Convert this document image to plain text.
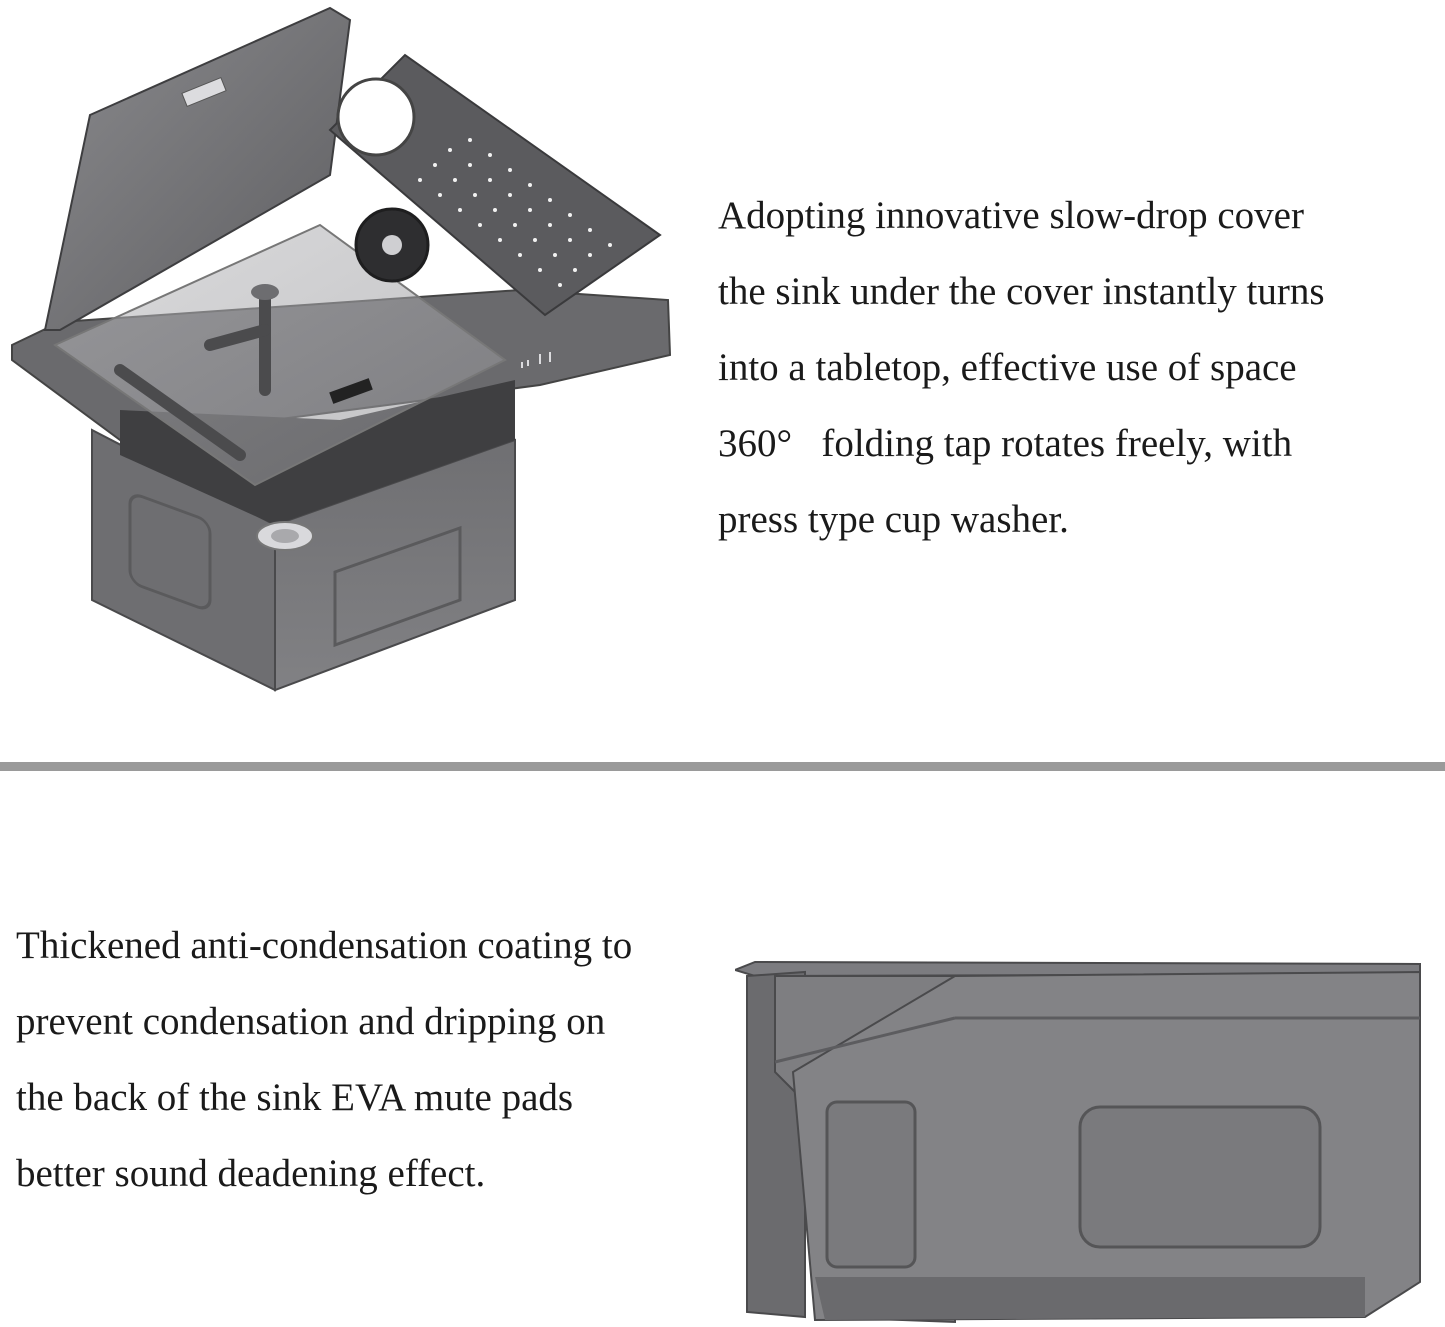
Adopting innovative slow-drop cover

the sink under the cover instantly turns

into a tabletop, effective use of space

360°   folding tap rotates freely, with

press type cup washer.

Thickened anti-condensation coating to

prevent condensation and dripping on

the back of the sink EVA mute pads

better sound deadening effect.
